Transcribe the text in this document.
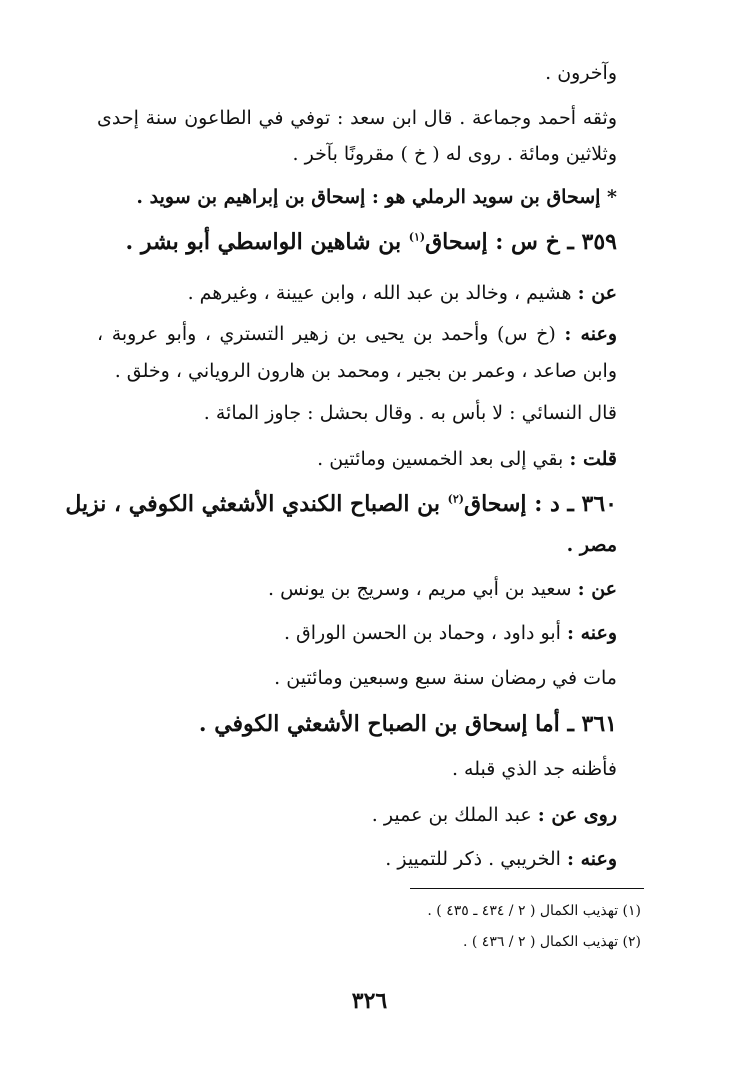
وآخرون .
وثقه أحمد وجماعة . قال ابن سعد : توفي في الطاعون سنة إحدى
وثلاثين ومائة . روى له ( خ ) مقرونًا بآخر .
* إسحاق بن سويد الرملي هو : إسحاق بن إبراهيم بن سويد .
٣٥٩ ـ خ س : إسحاق$^{(١)}$ بن شاهين الواسطي أبو بشر .
عن : هشيم ، وخالد بن عبد الله ، وابن عيينة ، وغيرهم .
وعنه : (خ س) وأحمد بن يحيى بن زهير التستري ، وأبو عروبة ،
وابن صاعد ، وعمر بن بجير ، ومحمد بن هارون الروياني ، وخلق .
قال النسائي : لا بأس به . وقال بحشل : جاوز المائة .
قلت : بقي إلى بعد الخمسين ومائتين .
٣٦٠ ـ د : إسحاق$^{(٢)}$ بن الصباح الكندي الأشعثي الكوفي ، نزيل
مصر .
عن : سعيد بن أبي مريم ، وسريج بن يونس .
وعنه : أبو داود ، وحماد بن الحسن الوراق .
مات في رمضان سنة سبع وسبعين ومائتين .
٣٦١ ـ أما إسحاق بن الصباح الأشعثي الكوفي .
فأظنه جد الذي قبله .
روى عن : عبد الملك بن عمير .
وعنه : الخريبي . ذكر للتمييز .
(١) تهذيب الكمال ( ٢ / ٤٣٤ ـ ٤٣٥ ) .
(٢) تهذيب الكمال ( ٢ / ٤٣٦ ) .
٣٢٦
